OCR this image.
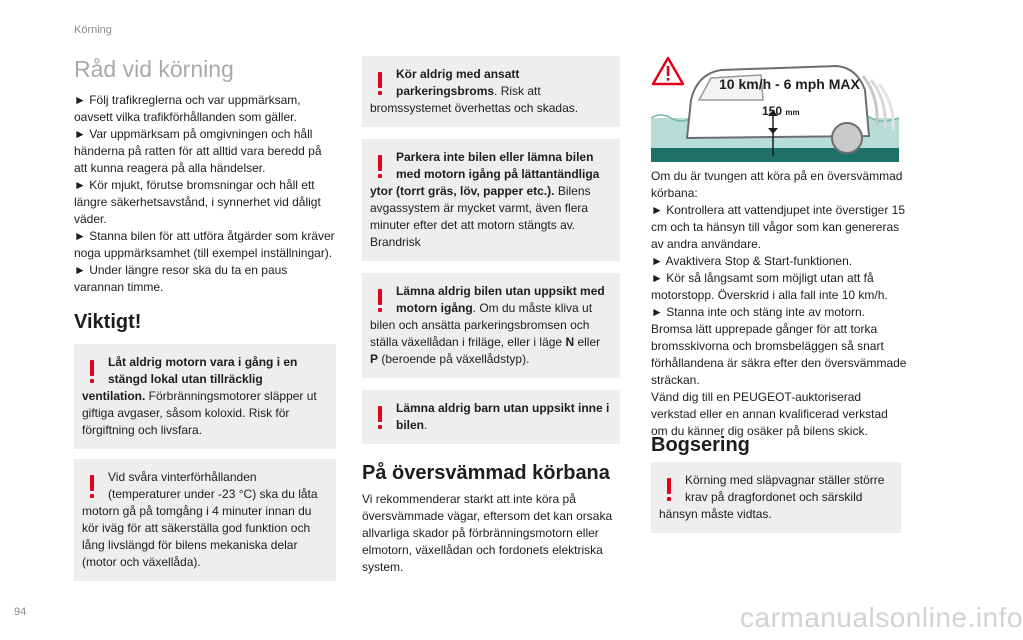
Körning
Råd vid körning

► Följ trafikreglerna och var uppmärksam, oavsett vilka trafikförhållanden som gäller.

► Var uppmärksam på omgivningen och håll händerna på ratten för att alltid vara beredd på att kunna reagera på alla händelser.

► Kör mjukt, förutse bromsningar och håll ett längre säkerhetsavstånd, i synnerhet vid dåligt väder.

► Stanna bilen för att utföra åtgärder som kräver noga uppmärksamhet (till exempel inställningar).

► Under längre resor ska du ta en paus varannan timme.

Viktigt!
Låt aldrig motorn vara i gång i en stängd lokal utan tillräcklig ventilation. Förbränningsmotorer släpper ut giftiga avgaser, såsom koloxid. Risk för förgiftning och livsfara.
Vid svåra vinterförhållanden (temperaturer under -23 °C) ska du låta motorn gå på tomgång i 4 minuter innan du kör iväg för att säkerställa god funktion och lång livslängd för bilens mekaniska delar (motor och växellåda).
Kör aldrig med ansatt parkeringsbroms. Risk att bromssystemet överhettas och skadas.
Parkera inte bilen eller lämna bilen med motorn igång på lättantändliga ytor (torrt gräs, löv, papper etc.). Bilens avgassystem är mycket varmt, även flera minuter efter det att motorn stängts av. Brandrisk
Lämna aldrig bilen utan uppsikt med motorn igång. Om du måste kliva ut bilen och ansätta parkeringsbromsen och ställa växellådan i friläge, eller i läge N eller P (beroende på växellådstyp).
Lämna aldrig barn utan uppsikt inne i bilen.
På översvämmad körbana
Vi rekommenderar starkt att inte köra på översvämmade vägar, eftersom det kan orsaka allvarliga skador på förbränningsmotorn eller elmotorn, växellådan och fordonets elektriska system.
10 km/h - 6 mph MAX
150 mm

Om du är tvungen att köra på en översvämmad körbana:

► Kontrollera att vattendjupet inte överstiger 15 cm och ta hänsyn till vågor som kan genereras av andra användare.

► Avaktivera Stop & Start-funktionen.

► Kör så långsamt som möjligt utan att få motorstopp. Överskrid i alla fall inte 10 km/h.

► Stanna inte och stäng inte av motorn.

Bromsa lätt upprepade gånger för att torka bromsskivorna och bromsbeläggen så snart förhållandena är säkra efter den översvämmade sträckan.

Vänd dig till en PEUGEOT-auktoriserad verkstad eller en annan kvalificerad verkstad om du känner dig osäker på bilens skick.

Bogsering
Körning med släpvagnar ställer större krav på dragfordonet och särskild hänsyn måste vidtas.
94	carmanualsonline.info
